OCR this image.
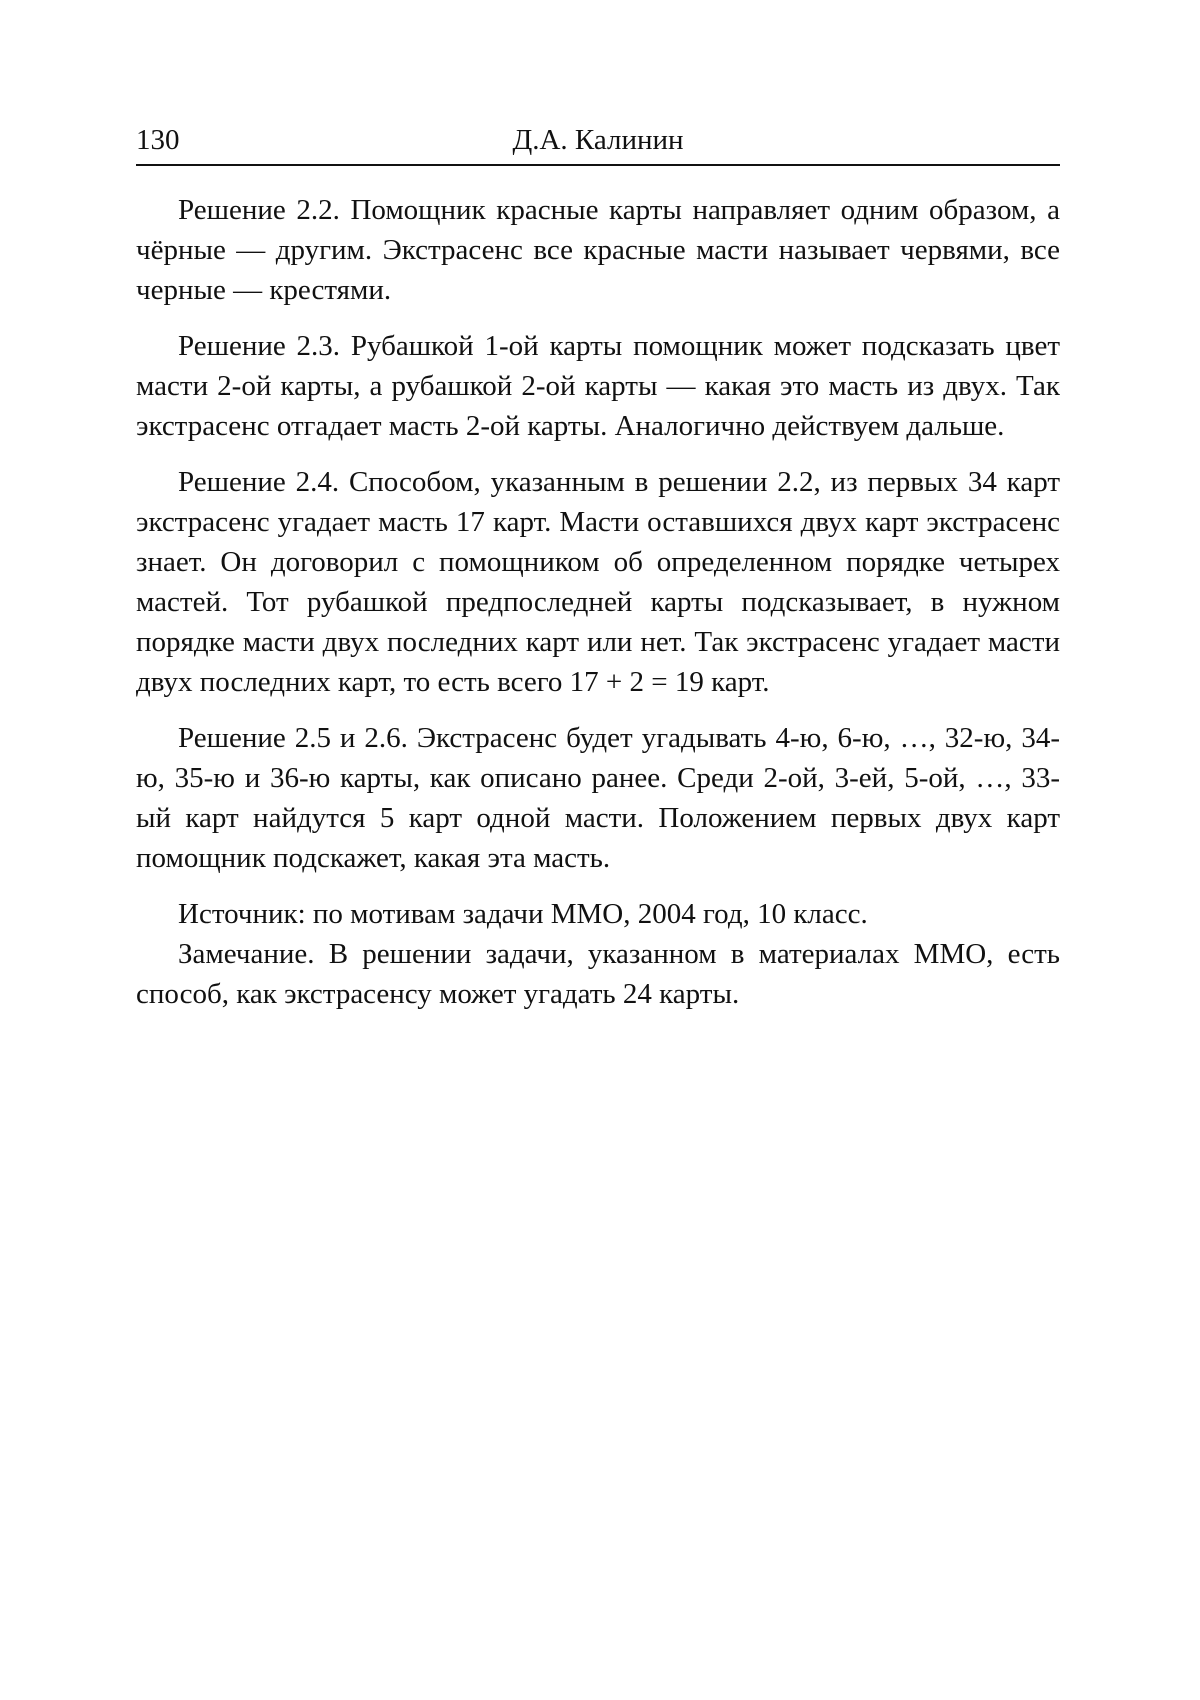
130	Д.А. Калинин

Решение 2.2. Помощник красные карты направляет одним образом, а чёрные — другим. Экстрасенс все красные масти называет червями, все черные — крестями.

Решение 2.3. Рубашкой 1-ой карты помощник может подсказать цвет масти 2-ой карты, а рубашкой 2-ой карты — какая это масть из двух. Так экстрасенс отгадает масть 2-ой карты. Аналогично действуем дальше.

Решение 2.4. Способом, указанным в решении 2.2, из первых 34 карт экстрасенс угадает масть 17 карт. Масти оставшихся двух карт экстрасенс знает. Он договорил с помощником об определенном порядке четырех мастей. Тот рубашкой предпоследней карты подсказывает, в нужном порядке масти двух последних карт или нет. Так экстрасенс угадает масти двух последних карт, то есть всего 17 + 2 = 19 карт.

Решение 2.5 и 2.6. Экстрасенс будет угадывать 4-ю, 6-ю, …, 32-ю, 34-ю, 35-ю и 36-ю карты, как описано ранее. Среди 2-ой, 3-ей, 5-ой, …, 33-ый карт найдутся 5 карт одной масти. Положением первых двух карт помощник подскажет, какая эта масть.

Источник: по мотивам задачи ММО, 2004 год, 10 класс.

Замечание. В решении задачи, указанном в материалах ММО, есть способ, как экстрасенсу может угадать 24 карты.
